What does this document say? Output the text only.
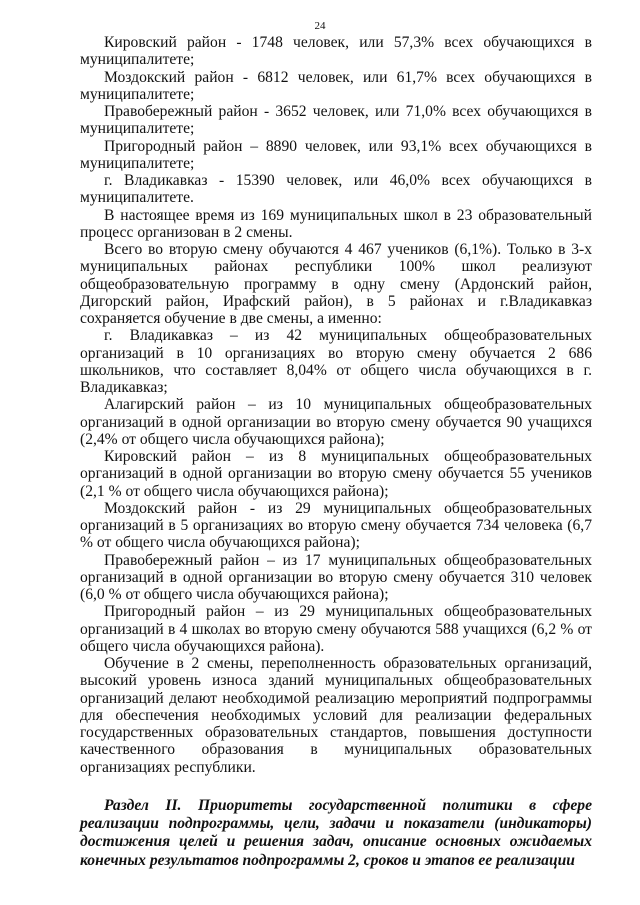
24

Кировский район - 1748 человек, или 57,3% всех обучающихся в муниципалитете;

Моздокский район - 6812 человек, или 61,7% всех обучающихся в муниципалитете;

Правобережный район - 3652 человек, или 71,0% всех обучающихся в муниципалитете;

Пригородный район – 8890 человек, или 93,1% всех обучающихся в муниципалитете;

г. Владикавказ - 15390 человек, или 46,0% всех обучающихся в муниципалитете.

В настоящее время из 169 муниципальных школ в 23 образовательный процесс организован в 2 смены.

Всего во вторую смену обучаются 4 467 учеников (6,1%). Только в 3-х муниципальных районах республики 100% школ реализуют общеобразовательную программу в одну смену (Ардонский район, Дигорский район, Ирафский район), в 5 районах и г.Владикавказ сохраняется обучение в две смены, а именно:

г. Владикавказ – из 42 муниципальных общеобразовательных организаций в 10 организациях во вторую смену обучается 2 686 школьников, что составляет 8,04% от общего числа обучающихся в г. Владикавказ;

Алагирский район – из 10 муниципальных общеобразовательных организаций в одной организации во вторую смену обучается 90 учащихся (2,4% от общего числа обучающихся района);

Кировский район – из 8 муниципальных общеобразовательных организаций в одной организации во вторую смену обучается 55 учеников (2,1 % от общего числа обучающихся района);

Моздокский район - из 29 муниципальных общеобразовательных организаций в 5 организациях во вторую смену обучается 734 человека (6,7 % от общего числа обучающихся района);

Правобережный район – из 17 муниципальных общеобразовательных организаций в одной организации во вторую смену обучается 310 человек (6,0 % от общего числа обучающихся района);

Пригородный район – из 29 муниципальных общеобразовательных организаций в 4 школах во вторую смену обучаются 588 учащихся (6,2 % от общего числа обучающихся района).

Обучение в 2 смены, переполненность образовательных организаций, высокий уровень износа зданий муниципальных общеобразовательных организаций делают необходимой реализацию мероприятий подпрограммы для обеспечения необходимых условий для реализации федеральных государственных образовательных стандартов, повышения доступности качественного образования в муниципальных образовательных организациях республики.

Раздел II. Приоритеты государственной политики в сфере реализации подпрограммы, цели, задачи и показатели (индикаторы) достижения целей и решения задач, описание основных ожидаемых конечных результатов подпрограммы 2, сроков и этапов ее реализации
